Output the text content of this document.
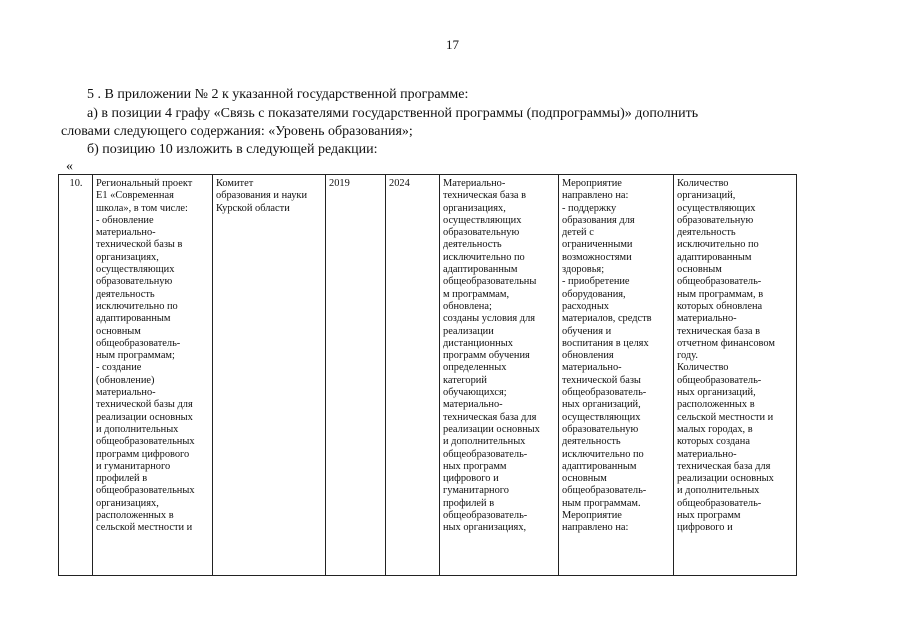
17
5 . В приложении № 2 к указанной государственной программе:
а) в позиции 4 графу «Связь с показателями государственной программы (подпрограммы)» дополнить
словами следующего содержания: «Уровень образования»;
б) позицию 10 изложить в следующей редакции:
«
10.	Региональный проект
Е1 «Современная
школа», в том числе:
- обновление
материально-
технической базы в
организациях,
осуществляющих
образовательную
деятельность
исключительно по
адаптированным
основным
общеобразователь-
ным программам;
- создание
(обновление)
материально-
технической базы для
реализации основных
и дополнительных
общеобразовательных
программ цифрового
и гуманитарного
профилей в
общеобразовательных
организациях,
расположенных в
сельской местности и	Комитет
образования и науки
Курской области	2019	2024	Материально-
техническая база в
организациях,
осуществляющих
образовательную
деятельность
исключительно по
адаптированным
общеобразовательны
м программам,
обновлена;
созданы условия для
реализации
дистанционных
программ обучения
определенных
категорий
обучающихся;
материально-
техническая база для
реализации основных
и дополнительных
общеобразователь-
ных программ
цифрового и
гуманитарного
профилей в
общеобразователь-
ных организациях,	Мероприятие
направлено на:
- поддержку
образования для
детей с
ограниченными
возможностями
здоровья;
- приобретение
оборудования,
расходных
материалов, средств
обучения и
воспитания в целях
обновления
материально-
технической базы
общеобразователь-
ных организаций,
осуществляющих
образовательную
деятельность
исключительно по
адаптированным
основным
общеобразователь-
ным программам.
Мероприятие
направлено на:	Количество
организаций,
осуществляющих
образовательную
деятельность
исключительно по
адаптированным
основным
общеобразователь-
ным программам, в
которых обновлена
материально-
техническая база в
отчетном финансовом
году.
Количество
общеобразователь-
ных организаций,
расположенных в
сельской местности и
малых городах, в
которых создана
материально-
техническая база для
реализации основных
и дополнительных
общеобразователь-
ных программ
цифрового и
